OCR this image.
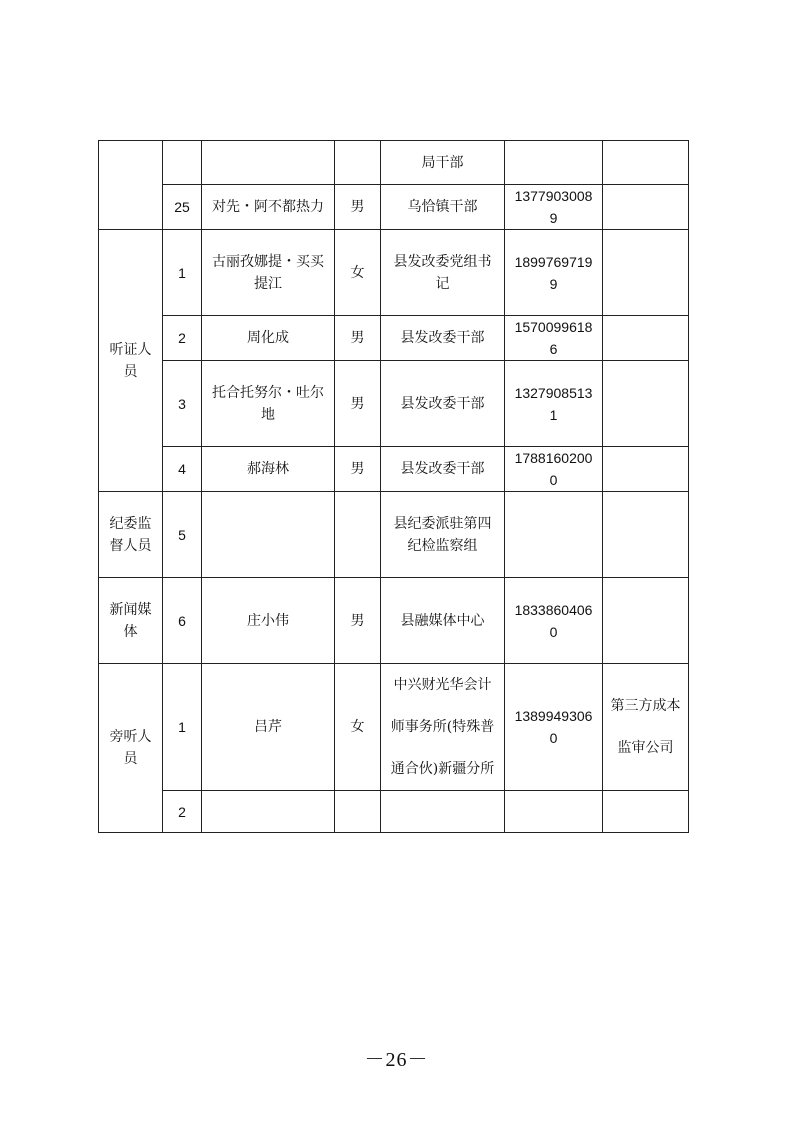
				局干部		
	25	对先・阿不都热力	男	乌恰镇干部	13779030089	
听证人员	1	古丽孜娜提・买买提江	女	县发改委党组书记	18997697199	
	2	周化成	男	县发改委干部	15700996186	
	3	托合托努尔・吐尔地	男	县发改委干部	13279085131	
	4	郝海林	男	县发改委干部	17881602000	
纪委监督人员	5			县纪委派驻第四纪检监察组		
新闻媒体	6	庄小伟	男	县融媒体中心	18338604060	
旁听人员	1	吕芹	女	中兴财光华会计师事务所(特殊普通合伙)新疆分所	13899493060	第三方成本监审公司
	2					
－26－
